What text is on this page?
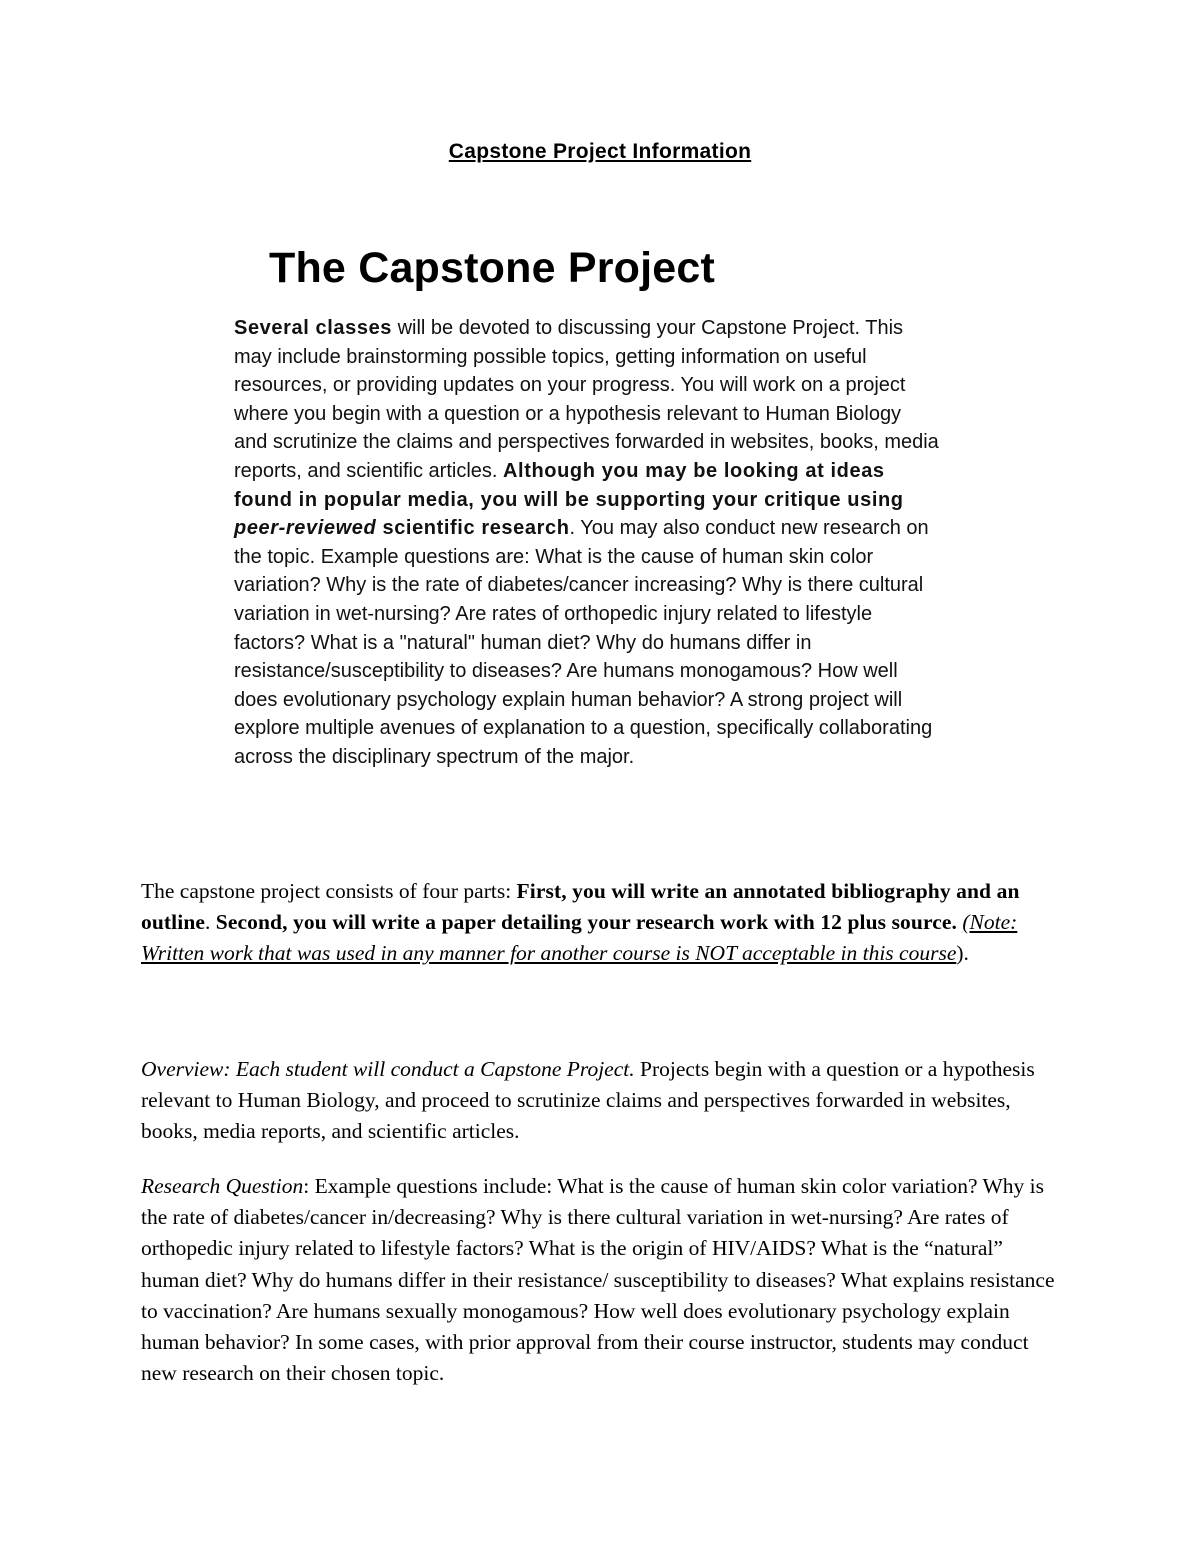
Capstone Project Information
The Capstone Project
Several classes will be devoted to discussing your Capstone Project. This may include brainstorming possible topics, getting information on useful resources, or providing updates on your progress. You will work on a project where you begin with a question or a hypothesis relevant to Human Biology and scrutinize the claims and perspectives forwarded in websites, books, media reports, and scientific articles. Although you may be looking at ideas found in popular media, you will be supporting your critique using peer-reviewed scientific research. You may also conduct new research on the topic. Example questions are: What is the cause of human skin color variation? Why is the rate of diabetes/cancer increasing? Why is there cultural variation in wet-nursing? Are rates of orthopedic injury related to lifestyle factors? What is a "natural" human diet? Why do humans differ in resistance/susceptibility to diseases? Are humans monogamous? How well does evolutionary psychology explain human behavior? A strong project will explore multiple avenues of explanation to a question, specifically collaborating across the disciplinary spectrum of the major.
The capstone project consists of four parts: First, you will write an annotated bibliography and an outline. Second, you will write a paper detailing your research work with 12 plus source. (Note: Written work that was used in any manner for another course is NOT acceptable in this course).
Overview: Each student will conduct a Capstone Project. Projects begin with a question or a hypothesis relevant to Human Biology, and proceed to scrutinize claims and perspectives forwarded in websites, books, media reports, and scientific articles.
Research Question: Example questions include: What is the cause of human skin color variation? Why is the rate of diabetes/cancer in/decreasing? Why is there cultural variation in wet-nursing? Are rates of orthopedic injury related to lifestyle factors? What is the origin of HIV/AIDS? What is the “natural” human diet? Why do humans differ in their resistance/ susceptibility to diseases? What explains resistance to vaccination? Are humans sexually monogamous? How well does evolutionary psychology explain human behavior? In some cases, with prior approval from their course instructor, students may conduct new research on their chosen topic.
